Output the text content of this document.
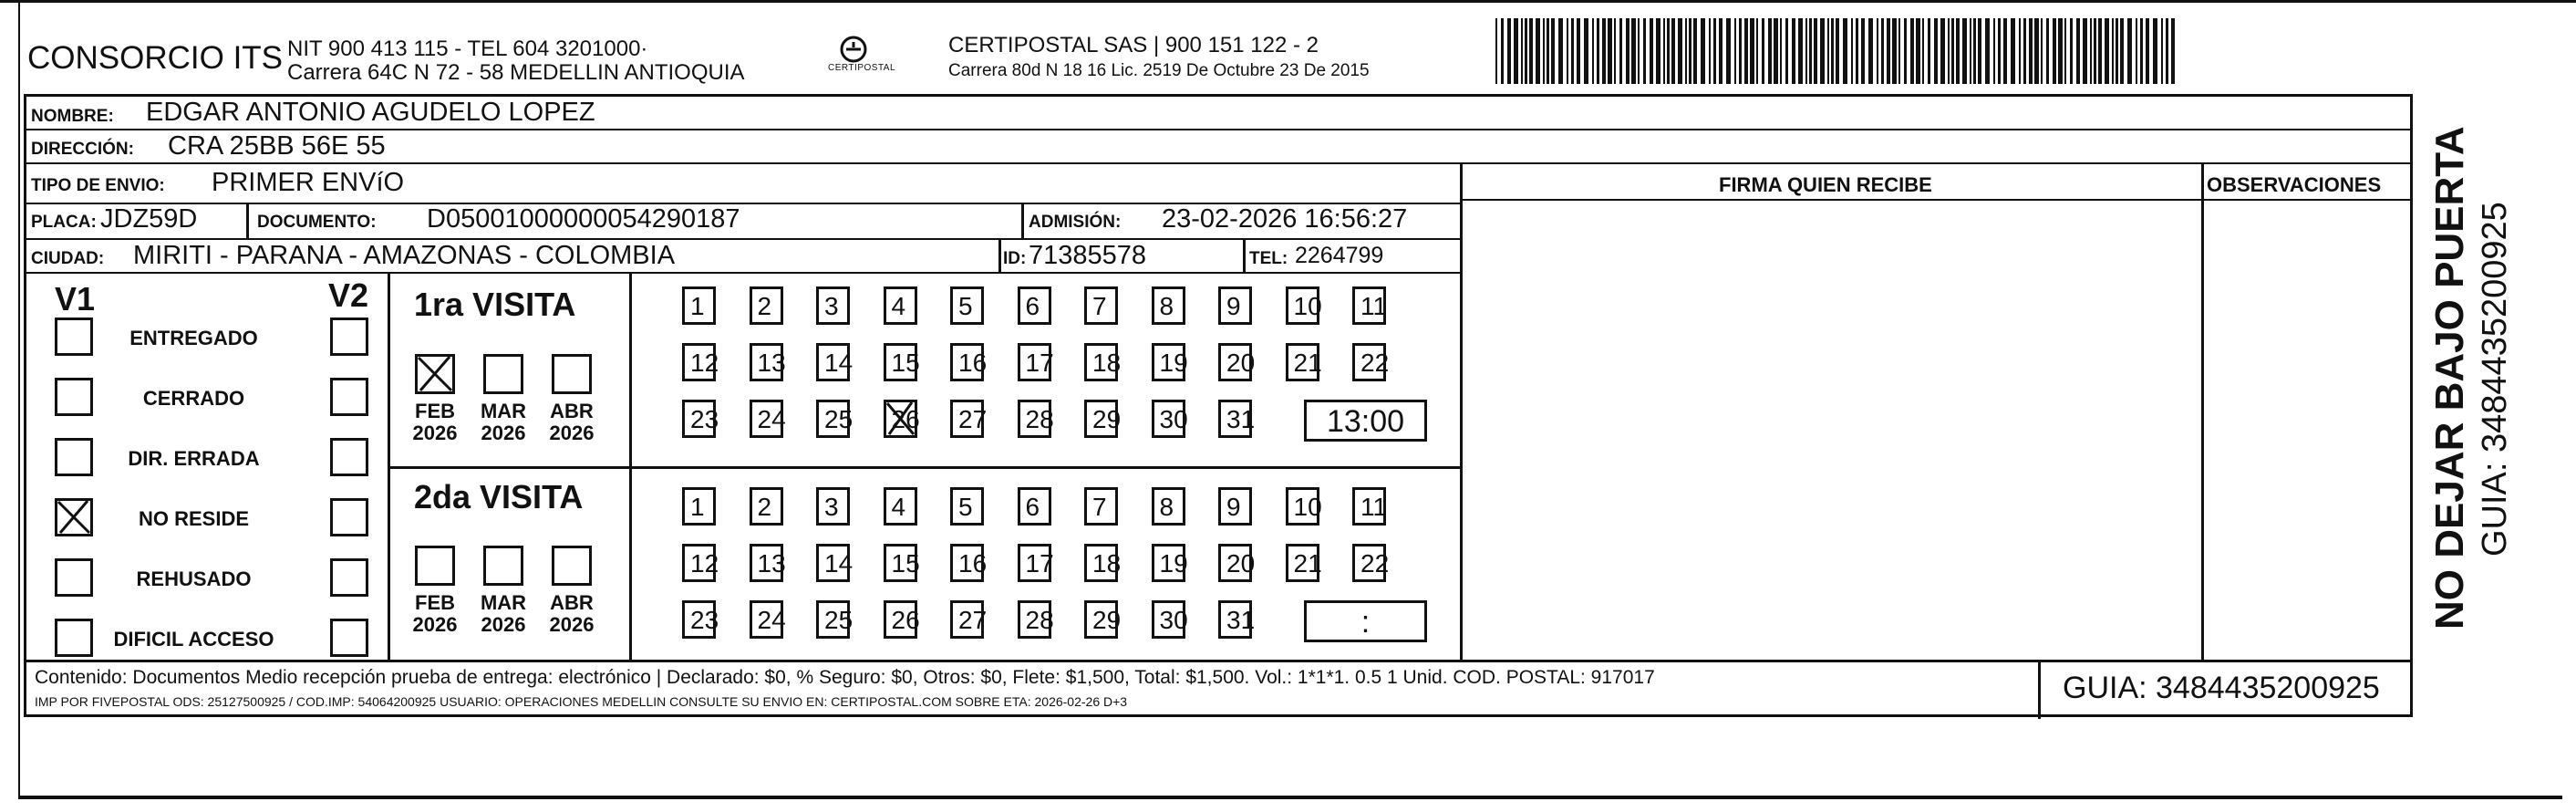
CONSORCIO ITS NIT 900 413 115 - TEL 604 3201000·
Carrera 64C N 72 - 58 MEDELLIN ANTIOQUIA	CERTIPOSTAL
CERTIPOSTAL SAS | 900 151 122 - 2
Carrera 80d N 18 16 Lic. 2519 De Octubre 23 De 2015
NOMBRE: EDGAR ANTONIO AGUDELO LOPEZ
DIRECCIÓN: CRA 25BB 56E 55
TIPO DE ENVIO: PRIMER ENVíO	FIRMA QUIEN RECIBE	OBSERVACIONES
PLACA: JDZ59D	DOCUMENTO: D05001000000054290187	ADMISIÓN: 23-02-2026 16:56:27
CIUDAD: MIRITI - PARANA - AMAZONAS - COLOMBIA	ID: 71385578	TEL: 2264799
V1	V2 1ra VISITA
2da VISITA
Contenido: Documentos Medio recepción prueba de entrega: electrónico | Declarado: $0, % Seguro: $0, Otros: $0, Flete: $1,500, Total: $1,500. Vol.: 1*1*1. 0.5 1 Unid. COD. POSTAL: 917017
IMP POR FIVEPOSTAL ODS: 25127500925 / COD.IMP: 54064200925 USUARIO: OPERACIONES MEDELLIN CONSULTE SU ENVIO EN: CERTIPOSTAL.COM SOBRE ETA: 2026-02-26 D+3	GUIA: 3484435200925
NO DEJAR BAJO PUERTA GUIA: 3484435200925
ENTREGADO
CERRADO
DIR. ERRADA
NO RESIDE
REHUSADO
DIFICIL ACCESO
1	2	3	4	5	6	7	8	9	10	11
12	13	14	15	16	17	18	19	20	21	22
23	24	25	26	27	28	29	30	31	13:00
FEB
2026
MAR
2026
ABR
2026
1	2	3	4	5	6	7	8	9	10	11
12	13	14	15	16	17	18	19	20	21	22
23	24	25	26	27	28	29	30	31	:
FEB
2026
MAR
2026
ABR
2026
